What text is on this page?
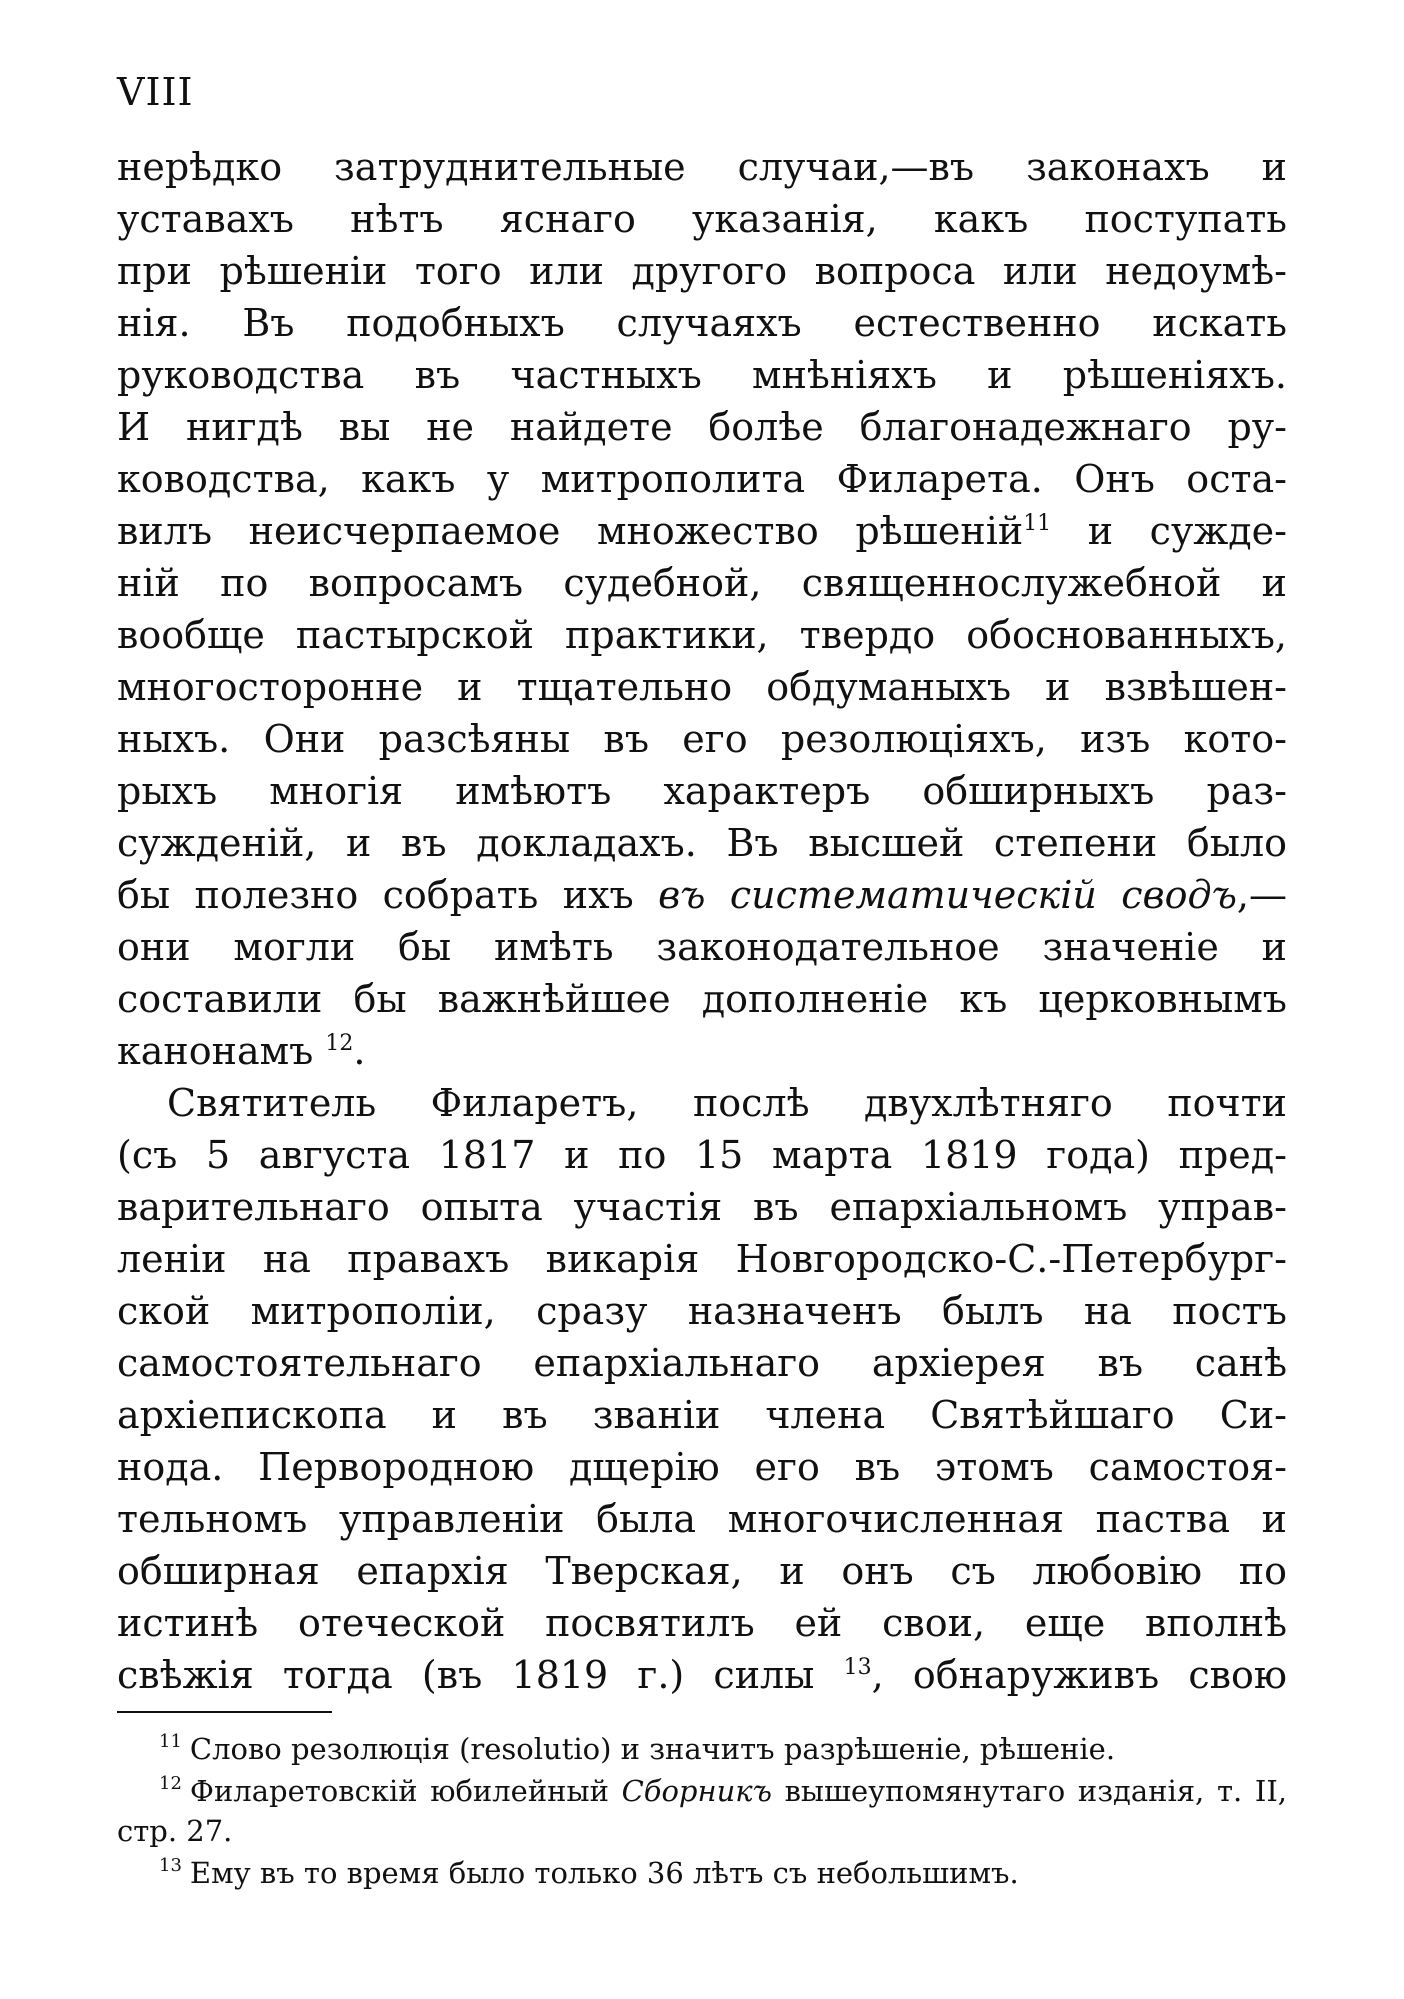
VIII
нерѣдко затруднительные случаи,—въ законахъ и
уставахъ нѣтъ яснаго указанія, какъ поступать
при рѣшеніи того или другого вопроса или недоумѣ-
нія. Въ подобныхъ случаяхъ естественно искать
руководства въ частныхъ мнѣніяхъ и рѣшеніяхъ.
И нигдѣ вы не найдете болѣе благонадежнаго ру-
ководства, какъ у митрополита Филарета. Онъ оста-
вилъ неисчерпаемое множество рѣшеній$^{11}$ и сужде-
ній по вопросамъ судебной, священнослужебной и
вообще пастырской практики, твердо обоснованныхъ,
многосторонне и тщательно обдуманыхъ и взвѣшен-
ныхъ. Они разсѣяны въ его резолюціяхъ, изъ кото-
рыхъ многія имѣютъ характеръ обширныхъ раз-
сужденій, и въ докладахъ. Въ высшей степени было
бы полезно собрать ихъ въ систематическій сводъ,—
они могли бы имѣть законодательное значеніе и
составили бы важнѣйшее дополненіе къ церковнымъ
канонамъ $^{12}$.
Святитель Филаретъ, послѣ двухлѣтняго почти
(съ 5 августа 1817 и по 15 марта 1819 года) пред-
варительнаго опыта участія въ епархіальномъ управ-
леніи на правахъ викарія Новгородско-С.-Петербург-
ской митрополіи, сразу назначенъ былъ на постъ
самостоятельнаго епархіальнаго архіерея въ санѣ
архіепископа и въ званіи члена Святѣйшаго Си-
нода. Первородною дщерію его въ этомъ самостоя-
тельномъ управленіи была многочисленная паства и
обширная епархія Тверская, и онъ съ любовію по
истинѣ отеческой посвятилъ ей свои, еще вполнѣ
свѣжія тогда (въ 1819 г.) силы $^{13}$, обнаруживъ свою
$^{11}$ Слово резолюція (resolutio) и значитъ разрѣшеніе, рѣшеніе.
$^{12}$ Филаретовскій юбилейный Сборникъ вышеупомянутаго изданія, т. II,
стр. 27.
$^{13}$ Ему въ то время было только 36 лѣтъ съ небольшимъ.
